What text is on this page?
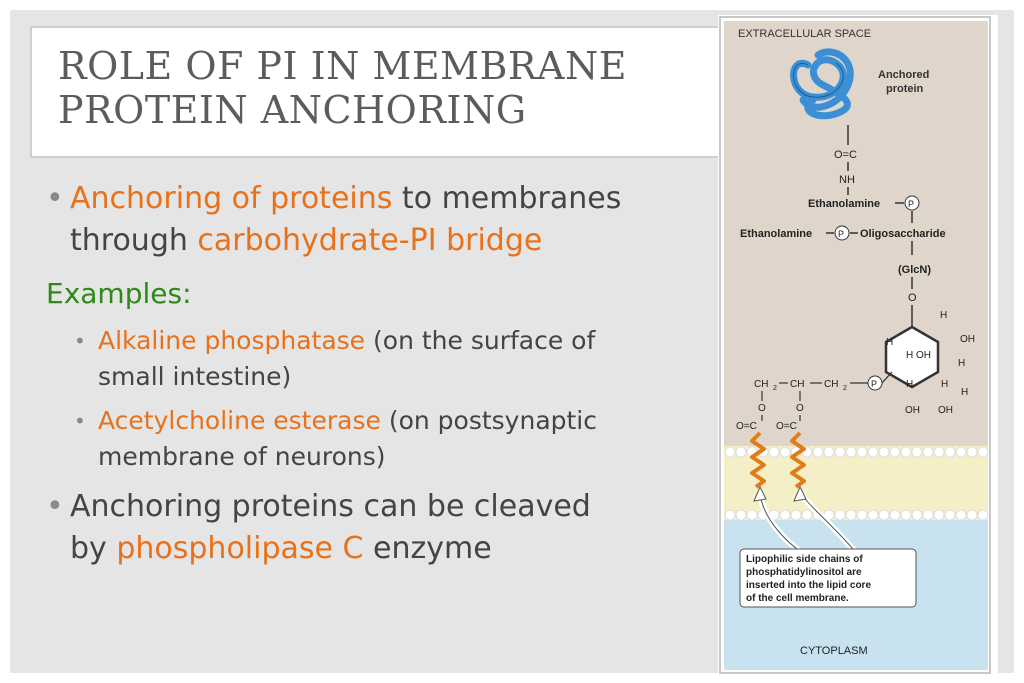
ROLE OF PI IN MEMBRANE
PROTEIN ANCHORING
• Anchoring of proteins to membranes
through carbohydrate-PI bridge
Examples:
• Alkaline phosphatase (on the surface of
small intestine)
• Acetylcholine esterase (on postsynaptic
membrane of neurons)
• Anchoring proteins can be cleaved
by phospholipase C enzyme
EXTRACELLULAR SPACE
Anchored
protein
O=C
NH
Ethanolamine	P
Ethanolamine	P Oligosaccharide
(GlcN)
O
H
OH
H
OH
H
H
H	H
H
OH OH
CH 2 CH CH 2	P
O
O=C
O
O=C
Lipophilic side chains of
phosphatidylinositol are
inserted into the lipid core
of the cell membrane.
CYTOPLASM
